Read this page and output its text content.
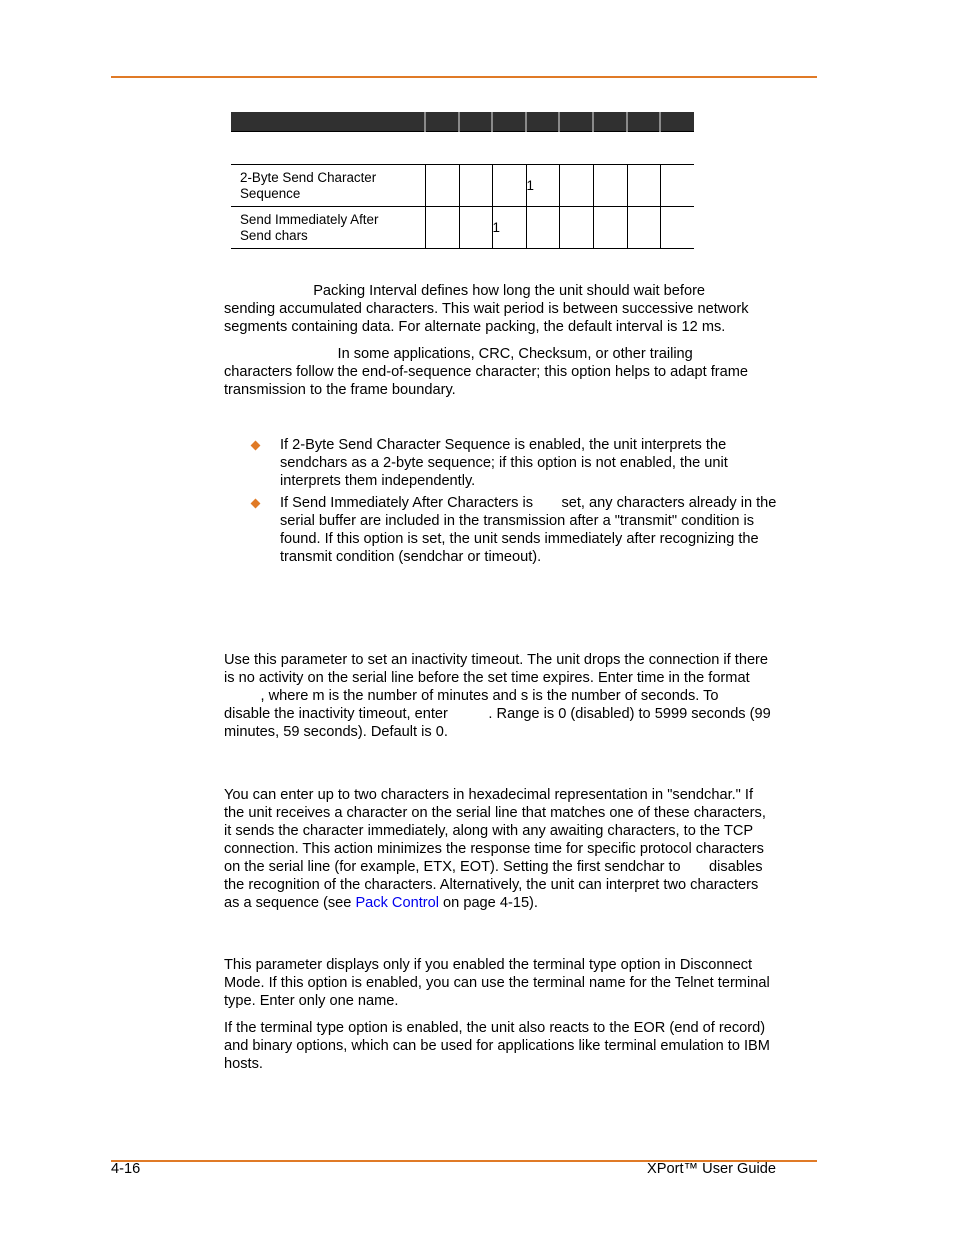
2-Byte Send Character
Sequence				1				

Send Immediately After
Send chars			1					

Packing Interval defines how long the unit should wait before
sending accumulated characters. This wait period is between successive network
segments containing data. For alternate packing, the default interval is 12 ms.

In some applications, CRC, Checksum, or other trailing
characters follow the end-of-sequence character; this option helps to adapt frame
transmission to the frame boundary.

If 2-Byte Send Character Sequence is enabled, the unit interprets the
sendchars as a 2-byte sequence; if this option is not enabled, the unit
interprets them independently.

If Send Immediately After Characters is       set, any characters already in the
serial buffer are included in the transmission after a "transmit" condition is
found. If this option is set, the unit sends immediately after recognizing the
transmit condition (sendchar or timeout).

Use this parameter to set an inactivity timeout. The unit drops the connection if there
is no activity on the serial line before the set time expires. Enter time in the format
, where m is the number of minutes and s is the number of seconds. To
disable the inactivity timeout, enter          . Range is 0 (disabled) to 5999 seconds (99
minutes, 59 seconds). Default is 0.

You can enter up to two characters in hexadecimal representation in "sendchar." If
the unit receives a character on the serial line that matches one of these characters,
it sends the character immediately, along with any awaiting characters, to the TCP
connection. This action minimizes the response time for specific protocol characters
on the serial line (for example, ETX, EOT). Setting the first sendchar to       disables
the recognition of the characters. Alternatively, the unit can interpret two characters
as a sequence (see Pack Control on page 4-15).

This parameter displays only if you enabled the terminal type option in Disconnect
Mode. If this option is enabled, you can use the terminal name for the Telnet terminal
type. Enter only one name.

If the terminal type option is enabled, the unit also reacts to the EOR (end of record)
and binary options, which can be used for applications like terminal emulation to IBM
hosts.

4-16	XPort™ User Guide
